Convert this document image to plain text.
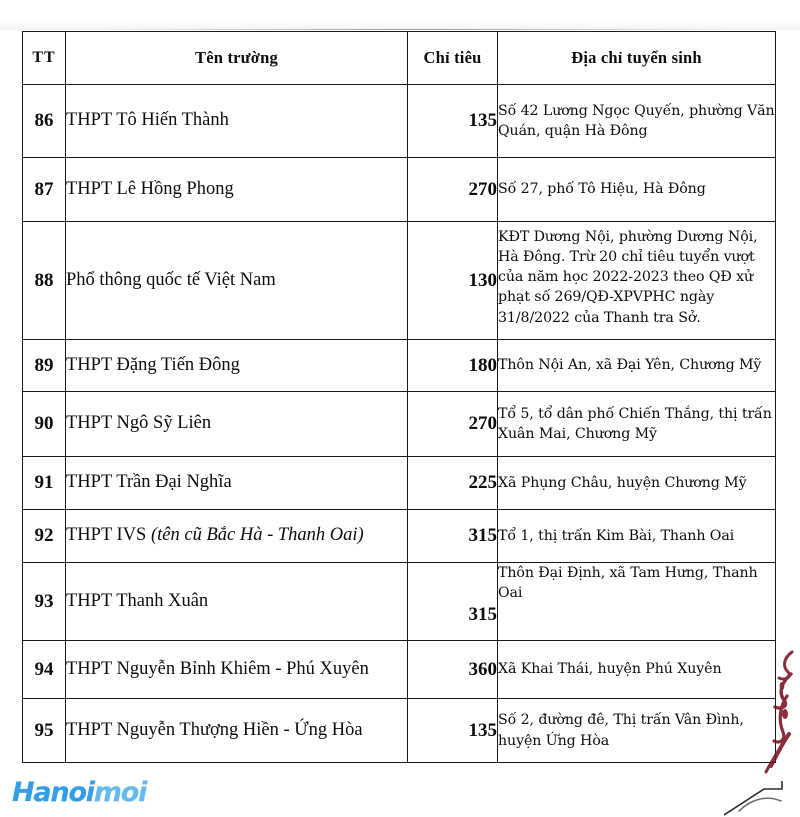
TT	Tên trường	Chỉ tiêu	Địa chỉ tuyển sinh
86	THPT Tô Hiến Thành	135	Số 42 Lương Ngọc Quyến, phường Văn Quán, quận Hà Đông
87	THPT Lê Hồng Phong	270	Số 27, phố Tô Hiệu, Hà Đông
88	Phổ thông quốc tế Việt Nam	130	KĐT Dương Nội, phường Dương Nội, Hà Đông. Trừ 20 chỉ tiêu tuyển vượt của năm học 2022-2023 theo QĐ xử phạt số 269/QĐ-XPVPHC ngày 31/8/2022 của Thanh tra Sở.
89	THPT Đặng Tiến Đông	180	Thôn Nội An, xã Đại Yên, Chương Mỹ
90	THPT Ngô Sỹ Liên	270	Tổ 5, tổ dân phố Chiến Thắng, thị trấn Xuân Mai, Chương Mỹ
91	THPT Trần Đại Nghĩa	225	Xã Phụng Châu, huyện Chương Mỹ
92	THPT IVS (tên cũ Bắc Hà - Thanh Oai)	315	Tổ 1, thị trấn Kim Bài, Thanh Oai
93	THPT Thanh Xuân	315	Thôn Đại Định, xã Tam Hưng, Thanh Oai
94	THPT Nguyễn Bỉnh Khiêm - Phú Xuyên	360	Xã Khai Thái, huyện Phú Xuyên
95	THPT Nguyễn Thượng Hiền - Ứng Hòa	135	Số 2, đường đê, Thị trấn Vân Đình, huyện Ứng Hòa
Hanoimoi
